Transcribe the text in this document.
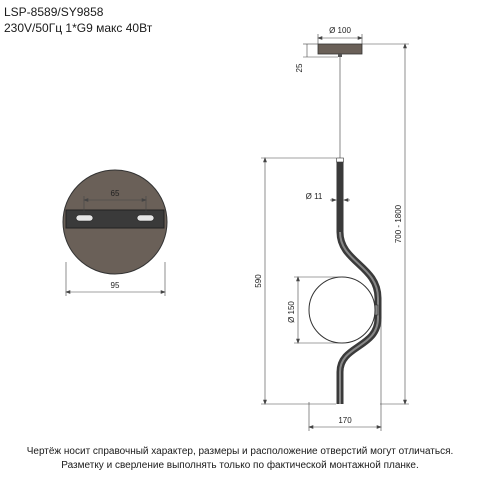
LSP-8589/SY9858
230V/50Гц 1*G9 макс 40Вт
65
95
Ø 100
25
700 - 1800
Ø 11
590
Ø 150
170
Чертёж носит справочный характер, размеры и расположение отверстий могут отличаться.
Разметку и сверление выполнять только по фактической монтажной планке.
